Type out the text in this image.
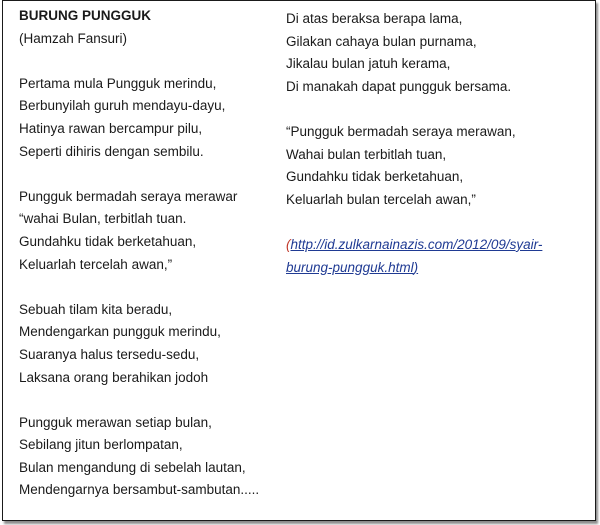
BURUNG PUNGGUK
(Hamzah Fansuri)
Pertama mula Pungguk merindu,
Berbunyilah guruh mendayu-dayu,
Hatinya rawan bercampur pilu,
Seperti dihiris dengan sembilu.
Pungguk bermadah seraya merawar
“wahai Bulan, terbitlah tuan.
Gundahku tidak berketahuan,
Keluarlah tercelah awan,”
Sebuah tilam kita beradu,
Mendengarkan pungguk merindu,
Suaranya halus tersedu-sedu,
Laksana orang berahikan jodoh
Pungguk merawan setiap bulan,
Sebilang jitun berlompatan,
Bulan mengandung di sebelah lautan,
Mendengarnya bersambut-sambutan.....
Di atas beraksa berapa lama,
Gilakan cahaya bulan purnama,
Jikalau bulan jatuh kerama,
Di manakah dapat pungguk bersama.
“Pungguk bermadah seraya merawan,
Wahai bulan terbitlah tuan,
Gundahku tidak berketahuan,
Keluarlah bulan tercelah awan,”
(http://id.zulkarnainazis.com/2012/09/syair-burung-pungguk.html)
